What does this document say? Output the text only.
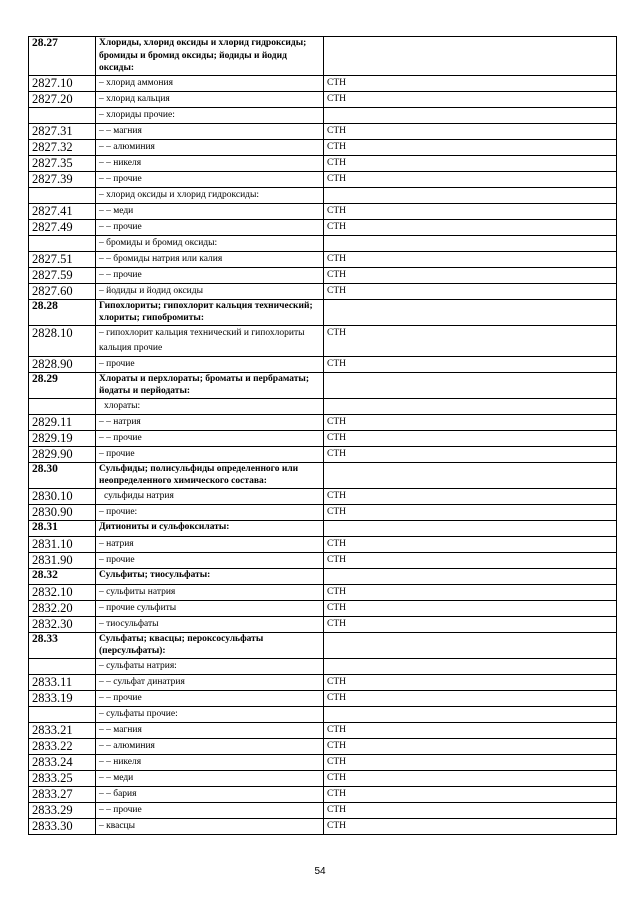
28.27	Хлориды, хлорид оксиды и хлорид гидроксиды; бромиды и бромид оксиды; йодиды и йодид оксиды:	
2827.10	– хлорид аммония	СТН
2827.20	– хлорид кальция	СТН
	– хлориды прочие:	
2827.31	– – магния	СТН
2827.32	– – алюминия	СТН
2827.35	– – никеля	СТН
2827.39	– – прочие	СТН
	– хлорид оксиды и хлорид гидроксиды:	
2827.41	– – меди	СТН
2827.49	– – прочие	СТН
	– бромиды и бромид оксиды:	
2827.51	– – бромиды натрия или калия	СТН
2827.59	– – прочие	СТН
2827.60	– йодиды и йодид оксиды	СТН
28.28	Гипохлориты; гипохлорит кальция технический; хлориты; гипобромиты:	
2828.10	– гипохлорит кальция технический и гипохлориты кальция прочие	СТН
2828.90	– прочие	СТН
28.29	Хлораты и перхлораты; броматы и пербраматы; йодаты и перйодаты:	
	хлораты:	
2829.11	– – натрия	СТН
2829.19	– – прочие	СТН
2829.90	– прочие	СТН
28.30	Сульфиды; полисульфиды определенного или неопределенного химического состава:	
2830.10	сульфиды натрия	СТН
2830.90	– прочие:	СТН
28.31	Дитиониты и сульфоксилаты:	
2831.10	– натрия	СТН
2831.90	– прочие	СТН
28.32	Сульфиты; тиосульфаты:	
2832.10	– сульфиты натрия	СТН
2832.20	– прочие сульфиты	СТН
2832.30	– тиосульфаты	СТН
28.33	Сульфаты; квасцы; пероксосульфаты (персульфаты):	
	– сульфаты натрия:	
2833.11	– – сульфат динатрия	СТН
2833.19	– – прочие	СТН
	– сульфаты прочие:	
2833.21	– – магния	СТН
2833.22	– – алюминия	СТН
2833.24	– – никеля	СТН
2833.25	– – меди	СТН
2833.27	– – бария	СТН
2833.29	– – прочие	СТН
2833.30	– квасцы	СТН
54
